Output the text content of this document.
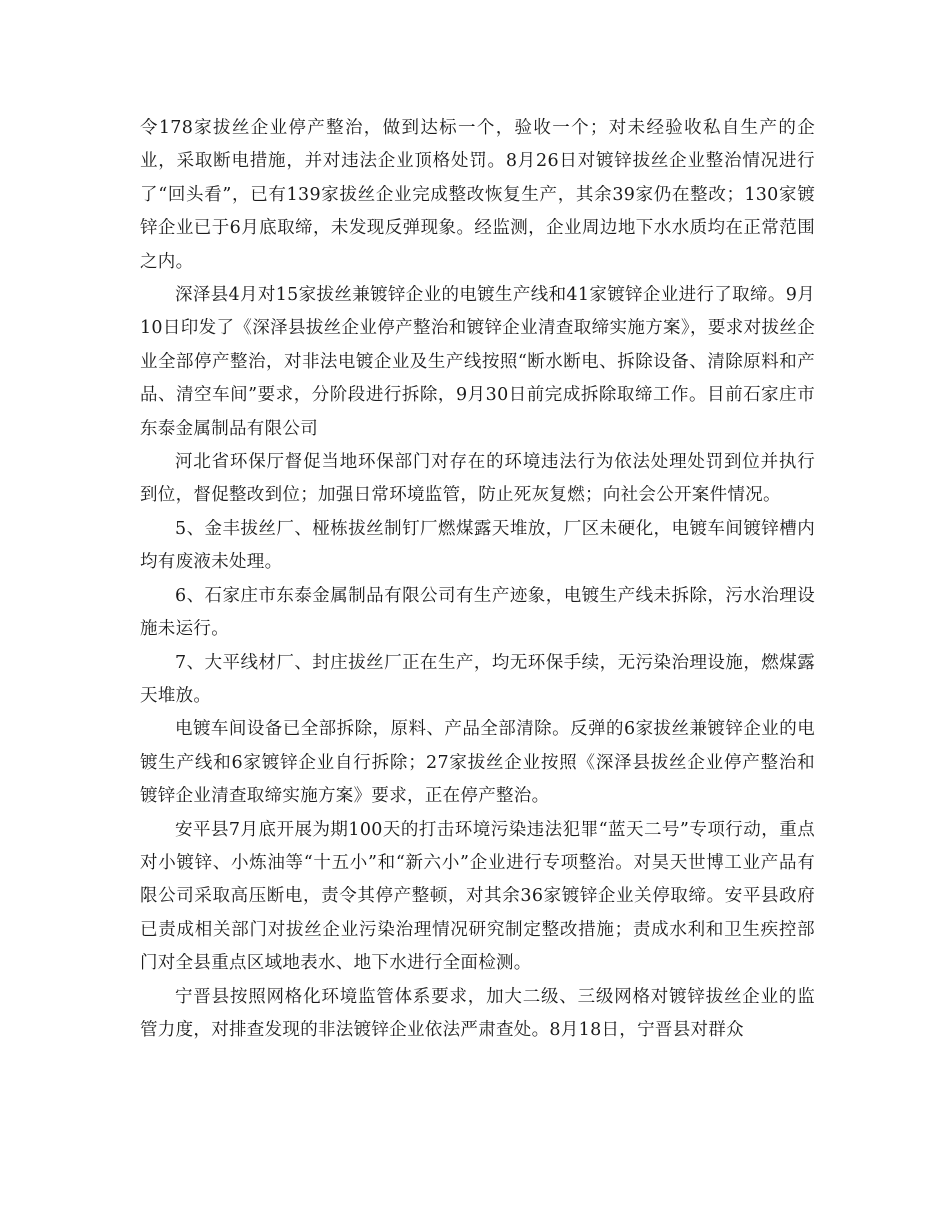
令178家拔丝企业停产整治，做到达标一个，验收一个；对未经验收私自生产的企业，采取断电措施，并对违法企业顶格处罚。8月26日对镀锌拔丝企业整治情况进行了“回头看”，已有139家拔丝企业完成整改恢复生产，其余39家仍在整改；130家镀锌企业已于6月底取缔，未发现反弹现象。经监测，企业周边地下水水质均在正常范围之内。

深泽县4月对15家拔丝兼镀锌企业的电镀生产线和41家镀锌企业进行了取缔。9月10日印发了《深泽县拔丝企业停产整治和镀锌企业清查取缔实施方案》，要求对拔丝企业全部停产整治，对非法电镀企业及生产线按照“断水断电、拆除设备、清除原料和产品、清空车间”要求，分阶段进行拆除，9月30日前完成拆除取缔工作。目前石家庄市东泰金属制品有限公司

河北省环保厅督促当地环保部门对存在的环境违法行为依法处理处罚到位并执行到位，督促整改到位；加强日常环境监管，防止死灰复燃；向社会公开案件情况。

5、金丰拔丝厂、桠栋拔丝制钉厂燃煤露天堆放，厂区未硬化，电镀车间镀锌槽内均有废液未处理。

6、石家庄市东泰金属制品有限公司有生产迹象，电镀生产线未拆除，污水治理设施未运行。

7、大平线材厂、封庄拔丝厂正在生产，均无环保手续，无污染治理设施，燃煤露天堆放。

电镀车间设备已全部拆除，原料、产品全部清除。反弹的6家拔丝兼镀锌企业的电镀生产线和6家镀锌企业自行拆除；27家拔丝企业按照《深泽县拔丝企业停产整治和镀锌企业清查取缔实施方案》要求，正在停产整治。

安平县7月底开展为期100天的打击环境污染违法犯罪“蓝天二号”专项行动，重点对小镀锌、小炼油等“十五小”和“新六小”企业进行专项整治。对昊天世博工业产品有限公司采取高压断电，责令其停产整顿，对其余36家镀锌企业关停取缔。安平县政府已责成相关部门对拔丝企业污染治理情况研究制定整改措施；责成水利和卫生疾控部门对全县重点区域地表水、地下水进行全面检测。

宁晋县按照网格化环境监管体系要求，加大二级、三级网格对镀锌拔丝企业的监管力度，对排查发现的非法镀锌企业依法严肃查处。8月18日，宁晋县对群众
